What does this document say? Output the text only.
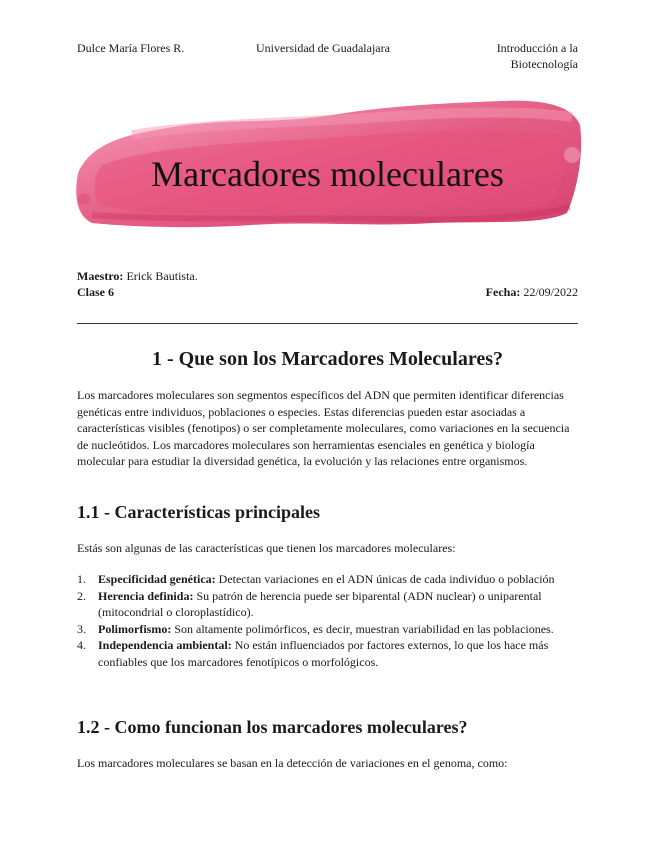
Dulce María Flores R.	Universidad de Guadalajara	Introducción a la
Biotecnología
Marcadores moleculares
Maestro: Erick Bautista.
Clase 6	Fecha: 22/09/2022
1 - Que son los Marcadores Moleculares?

Los marcadores moleculares son segmentos específicos del ADN que permiten identificar diferencias genéticas entre individuos, poblaciones o especies. Estas diferencias pueden estar asociadas a características visibles (fenotipos) o ser completamente moleculares, como variaciones en la secuencia de nucleótidos. Los marcadores moleculares son herramientas esenciales en genética y biología molecular para estudiar la diversidad genética, la evolución y las relaciones entre organismos.

1.1 - Características principales

Estás son algunas de las características que tienen los marcadores moleculares:

1. Especificidad genética: Detectan variaciones en el ADN únicas de cada individuo o población
2. Herencia definida: Su patrón de herencia puede ser biparental (ADN nuclear) o uniparental (mitocondrial o cloroplastídico).
3. Polimorfismo: Son altamente polimórficos, es decir, muestran variabilidad en las poblaciones.
4. Independencia ambiental: No están influenciados por factores externos, lo que los hace más confiables que los marcadores fenotípicos o morfológicos.
1.2 - Como funcionan los marcadores moleculares?

Los marcadores moleculares se basan en la detección de variaciones en el genoma, como:
